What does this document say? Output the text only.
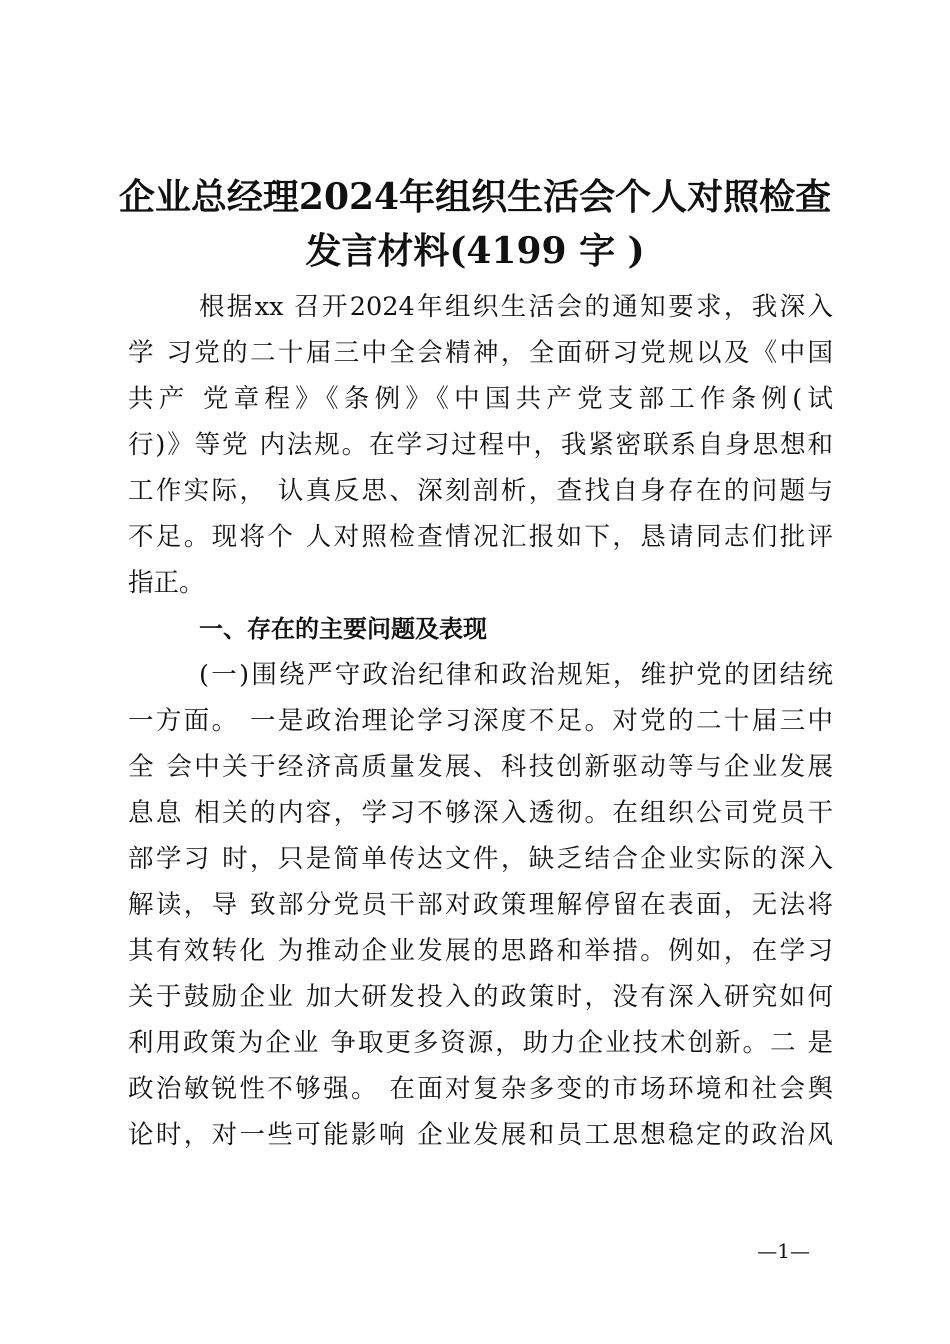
企业总经理2024年组织生活会个人对照检查
发言材料(4199 字 )
根据xx 召开2024年组织生活会的通知要求，我深入
学 习党的二十届三中全会精神，全面研习党规以及《中国
共产 党章程》《条例》《中国共产党支部工作条例(试
行)》等党 内法规。在学习过程中，我紧密联系自身思想和
工作实际， 认真反思、深刻剖析，查找自身存在的问题与
不足。现将个 人对照检查情况汇报如下，恳请同志们批评
指正。
一、存在的主要问题及表现
(一)围绕严守政治纪律和政治规矩，维护党的团结统
一方面。 一是政治理论学习深度不足。对党的二十届三中
全 会中关于经济高质量发展、科技创新驱动等与企业发展
息息 相关的内容，学习不够深入透彻。在组织公司党员干
部学习 时，只是简单传达文件，缺乏结合企业实际的深入
解读，导 致部分党员干部对政策理解停留在表面，无法将
其有效转化 为推动企业发展的思路和举措。例如，在学习
关于鼓励企业 加大研发投入的政策时，没有深入研究如何
利用政策为企业 争取更多资源，助力企业技术创新。二 是
政治敏锐性不够强。 在面对复杂多变的市场环境和社会舆
论时，对一些可能影响 企业发展和员工思想稳定的政治风
—1—
